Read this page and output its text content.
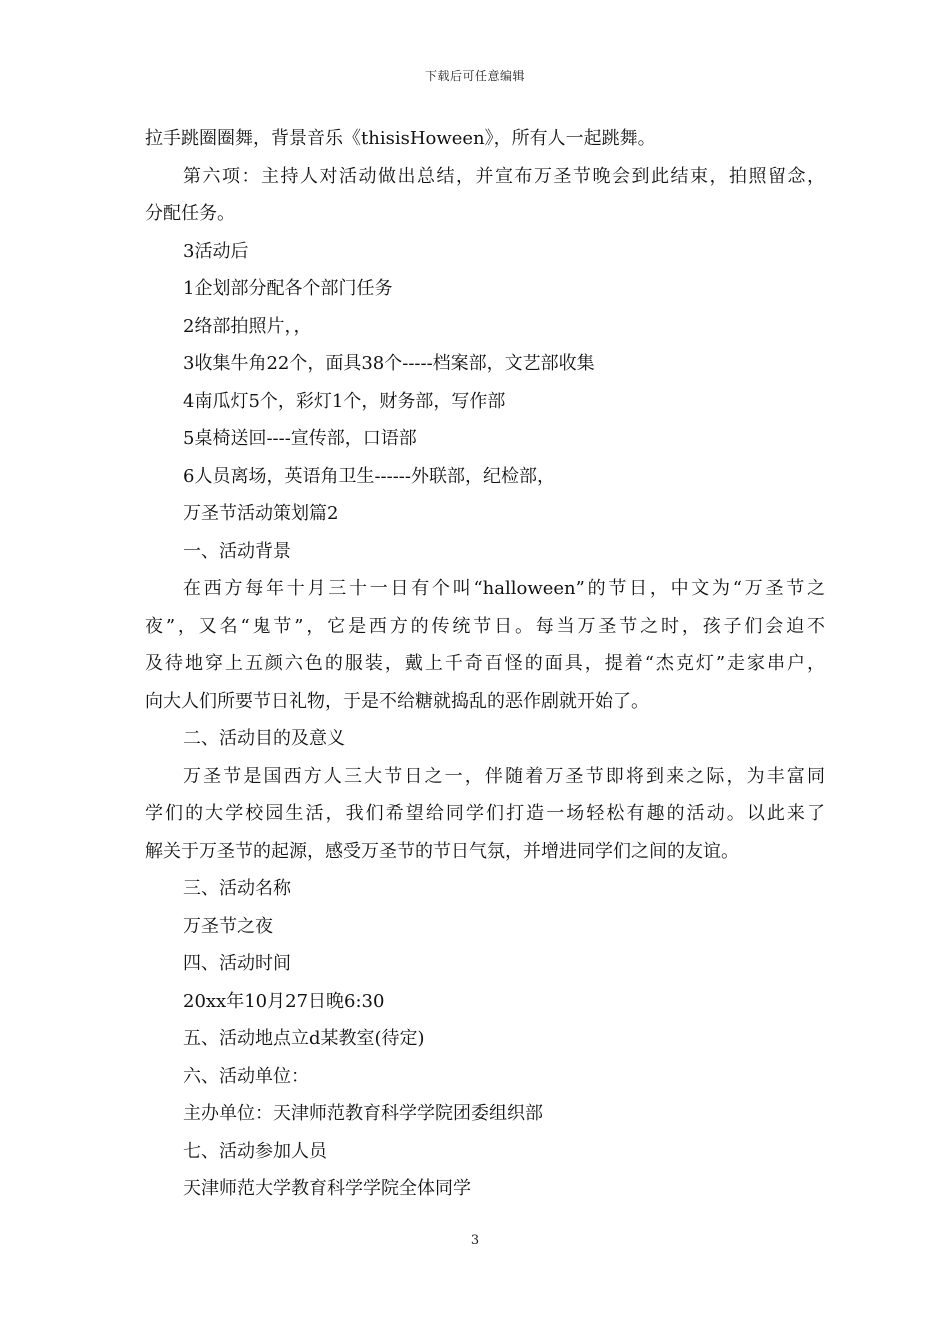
下载后可任意编辑
拉手跳圈圈舞，背景音乐《thisisHoween》，所有人一起跳舞。
第六项：主持人对活动做出总结，并宣布万圣节晚会到此结束，拍照留念，
分配任务。
3活动后
1企划部分配各个部门任务
2络部拍照片，，
3收集牛角22个，面具38个-----档案部，文艺部收集
4南瓜灯5个，彩灯1个，财务部，写作部
5桌椅送回----宣传部，口语部
6人员离场，英语角卫生------外联部，纪检部，
万圣节活动策划篇2
一、活动背景
在西方每年十月三十一日有个叫“halloween”的节日，中文为“万圣节之
夜”，又名“鬼节”，它是西方的传统节日。每当万圣节之时，孩子们会迫不
及待地穿上五颜六色的服装，戴上千奇百怪的面具，提着“杰克灯”走家串户，
向大人们所要节日礼物，于是不给糖就捣乱的恶作剧就开始了。
二、活动目的及意义
万圣节是国西方人三大节日之一，伴随着万圣节即将到来之际，为丰富同
学们的大学校园生活，我们希望给同学们打造一场轻松有趣的活动。以此来了
解关于万圣节的起源，感受万圣节的节日气氛，并增进同学们之间的友谊。
三、活动名称
万圣节之夜
四、活动时间
20xx年10月27日晚6:30
五、活动地点立d某教室(待定)
六、活动单位：
主办单位：天津师范教育科学学院团委组织部
七、活动参加人员
天津师范大学教育科学学院全体同学
3
